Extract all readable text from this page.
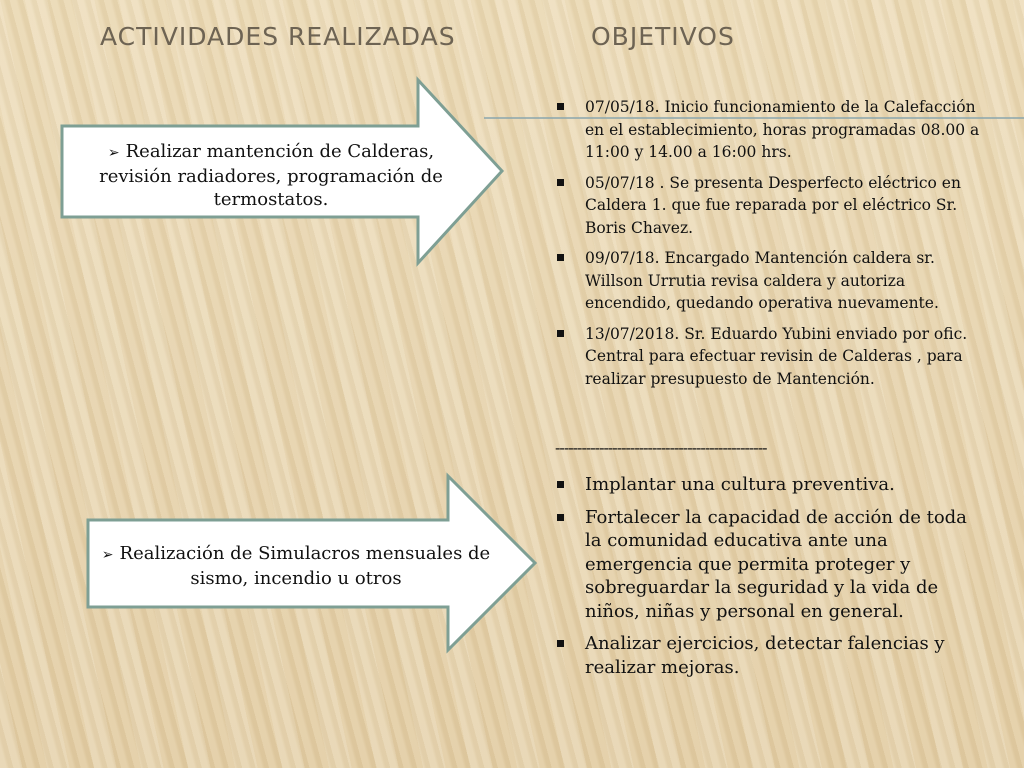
ACTIVIDADES REALIZADAS	OBJETIVOS
➢ Realizar mantención de Calderas, revisión radiadores, programación de termostatos.
➢ Realización de Simulacros mensuales de sismo, incendio u otros
07/05/18. Inicio funcionamiento de la Calefacción en el establecimiento, horas programadas 08.00 a 11:00 y 14.00 a 16:00 hrs.
05/07/18 . Se presenta Desperfecto eléctrico en Caldera 1. que fue reparada por el eléctrico Sr. Boris Chavez.
09/07/18. Encargado Mantención caldera sr. Willson Urrutia revisa caldera y autoriza encendido, quedando operativa nuevamente.
13/07/2018. Sr. Eduardo Yubini enviado por ofic. Central para efectuar revisin de Calderas , para realizar presupuesto de Mantención.
------------------------------------------------
Implantar una cultura preventiva.
Fortalecer la capacidad de acción de toda la comunidad educativa ante una emergencia que permita proteger y sobreguardar la seguridad y la vida de niños, niñas y personal en general.
Analizar ejercicios, detectar falencias y realizar mejoras.
